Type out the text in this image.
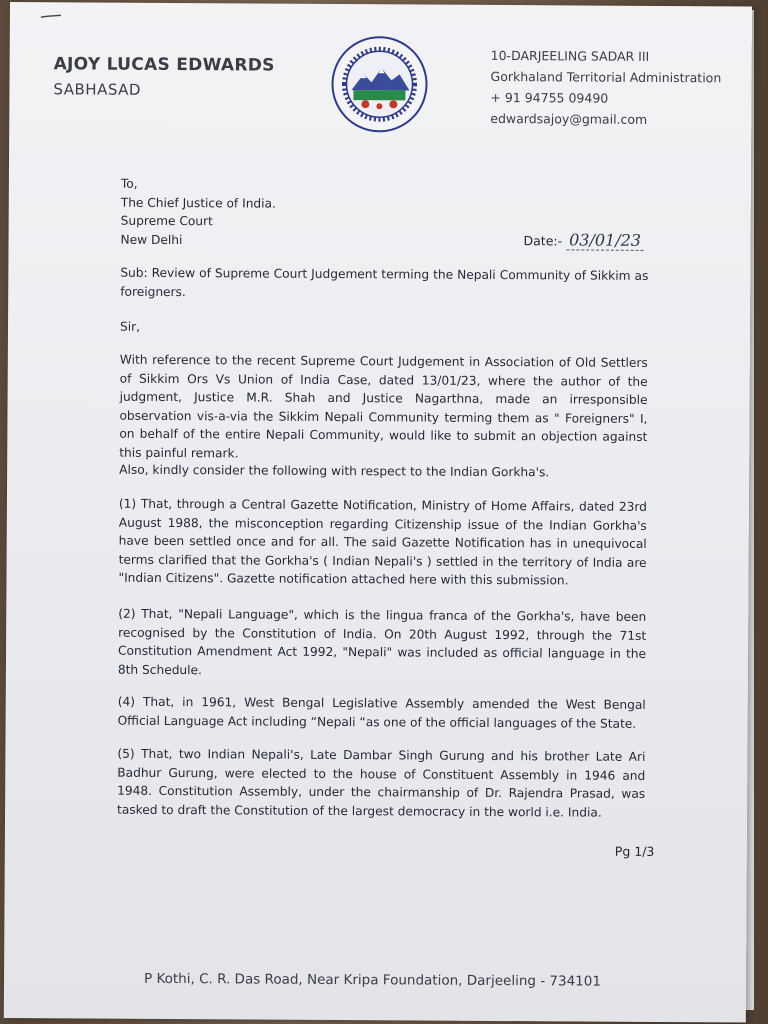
AJOY LUCAS EDWARDS
SABHASAD
10-DARJEELING SADAR III
Gorkhaland Territorial Administration
+ 91 94755 09490
edwardsajoy@gmail.com
To,
The Chief Justice of India.
Supreme Court
New Delhi	Date:- 03/01/23
Sub: Review of Supreme Court Judgement terming the Nepali Community of Sikkim as foreigners.
Sir,
With reference to the recent Supreme Court Judgement in Association of Old Settlers of Sikkim Ors Vs Union of India Case, dated 13/01/23, where the author of the judgment, Justice M.R. Shah and Justice Nagarthna, made an irresponsible observation vis-a-via the Sikkim Nepali Community terming them as " Foreigners" I, on behalf of the entire Nepali Community, would like to submit an objection against this painful remark.
Also, kindly consider the following with respect to the Indian Gorkha's.
(1) That, through a Central Gazette Notification, Ministry of Home Affairs, dated 23rd August 1988, the misconception regarding Citizenship issue of the Indian Gorkha's have been settled once and for all. The said Gazette Notification has in unequivocal terms clarified that the Gorkha's ( Indian Nepali's ) settled in the territory of India are "Indian Citizens". Gazette notification attached here with this submission.
(2) That, "Nepali Language", which is the lingua franca of the Gorkha's, have been recognised by the Constitution of India. On 20th August 1992, through the 71st Constitution Amendment Act 1992, "Nepali" was included as official language in the 8th Schedule.
(4) That, in 1961, West Bengal Legislative Assembly amended the West Bengal Official Language Act including “Nepali “as one of the official languages of the State.
(5) That, two Indian Nepali's, Late Dambar Singh Gurung and his brother Late Ari Badhur Gurung, were elected to the house of Constituent Assembly in 1946 and 1948. Constitution Assembly, under the chairmanship of Dr. Rajendra Prasad, was tasked to draft the Constitution of the largest democracy in the world i.e. India.
Pg 1/3
P Kothi, C. R. Das Road, Near Kripa Foundation, Darjeeling - 734101
